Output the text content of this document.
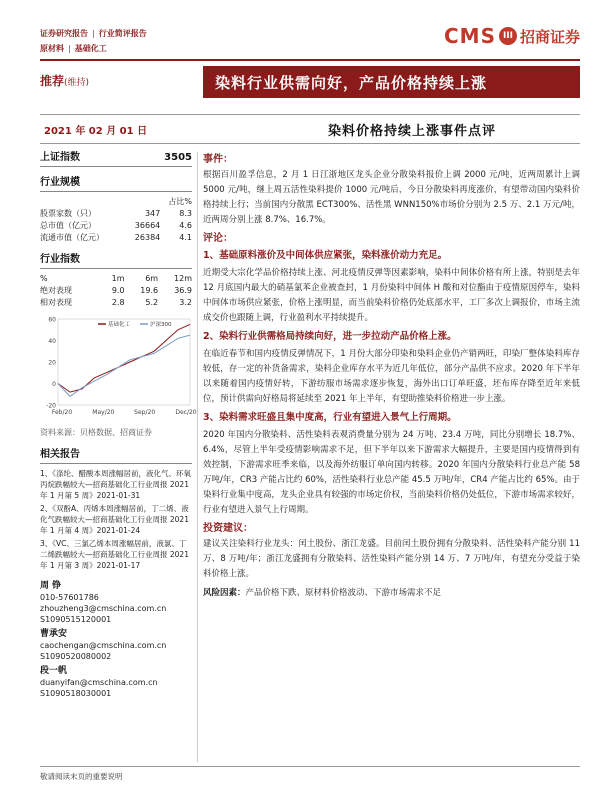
证券研究报告 | 行业简评报告
原材料 | 基础化工
CMS III 招商证券
推荐(维持)	染料行业供需向好，产品价格持续上涨
2021 年 02 月 01 日	染料价格持续上涨事件点评
上证指数	3505
行业规模
		占比%
股票家数（只）	347	8.3
总市值（亿元）	36664	4.6
流通市值（亿元）	26384	4.1
行业指数
%	1m	6m	12m
绝对表现	9.0	19.6	36.9
相对表现	2.8	5.2	3.2
60
40
20
0
-20
Feb/20	May/20	Sep/20	Dec/20
基础化工	沪深300
资料来源：贝格数据、招商证券
相关报告

1、《涤纶、醋酸本周涨幅居前，液化气、环氧丙烷跌幅较大—招商基础化工行业周报 2021 年 1 月第 5 周》2021-01-31

2、《双酚A、丙烯本周涨幅居前，丁二烯、液化气跌幅较大—招商基础化工行业周报 2021 年 1 月第 4 周》2021-01-24

3、《VC、三氯乙烯本周涨幅居前，液氯、丁二烯跌幅较大—招商基础化工行业周报 2021 年 1 月第 3 周》2021-01-17

周 铮
010-57601786
zhouzheng3@cmschina.com.cn
S1090515120001
曹承安
caochengan@cmschina.com.cn
S1090520080002
段一帆
duanyifan@cmschina.com.cn
S1090518030001
事件：

根据百川盈孚信息，2 月 1 日江浙地区龙头企业分散染料报价上调 2000 元/吨，近两周累计上调 5000 元/吨，继上周五活性染料提价 1000 元/吨后，今日分散染料再度涨价，有望带动国内染料价格持续上行；当前国内分散黑 ECT300%、活性黑 WNN150%市场价分别为 2.5 万、2.1 万元/吨，近两周分别上涨 8.7%、16.7%。

评论：
1、基础原料涨价及中间体供应紧张，染料涨价动力充足。

近期受大宗化学品价格持续上涨、河北疫情反弹等因素影响，染料中间体价格有所上涨，特别是去年 12 月底国内最大的硝基氯苯企业被查封，1 月份染料中间体 H 酸和对位酯由于疫情原因停车，染料中间体市场供应紧张，价格上涨明显，而当前染料价格仍处底部水平，工厂多次上调报价，市场主流成交价也跟随上调，行业盈利水平持续提升。

2、染料行业供需格局持续向好，进一步拉动产品价格上涨。

在临近春节和国内疫情反弹情况下，1 月份大部分印染和染料企业仍产销两旺，印染厂整体染料库存较低，存一定的补货备需求，染料企业库存水平为近几年低位，部分产品供不应求。2020 年下半年以来随着国内疫情好转，下游纺服市场需求逐步恢复，海外出口订单旺盛，坯布库存降至近年来低位，预计供需向好格局将延续至 2021 年上半年，有望助推染料价格进一步上涨。

3、染料需求旺盛且集中度高，行业有望进入景气上行周期。

2020 年国内分散染料、活性染料表观消费量分别为 24 万吨、23.4 万吨，同比分别增长 18.7%、6.4%，尽管上半年受疫情影响需求不足，但下半年以来下游需求大幅提升，主要是国内疫情得到有效控制，下游需求旺季来临，以及海外纺服订单向国内转移。2020 年国内分散染料行业总产能 58 万吨/年，CR3 产能占比约 60%，活性染料行业总产能 45.5 万吨/年，CR4 产能占比约 65%。由于染料行业集中度高，龙头企业具有较强的市场定价权，当前染料价格仍处低位，下游市场需求较好，行业有望进入景气上行周期。

投资建议：

建议关注染料行业龙头：闰土股份、浙江龙盛。目前闰土股份拥有分散染料、活性染料产能分别 11 万、8 万吨/年；浙江龙盛拥有分散染料、活性染料产能分别 14 万、7 万吨/年，有望充分受益于染料价格上涨。

风险因素：产品价格下跌、原材料价格波动、下游市场需求不足
敬请阅读末页的重要说明
